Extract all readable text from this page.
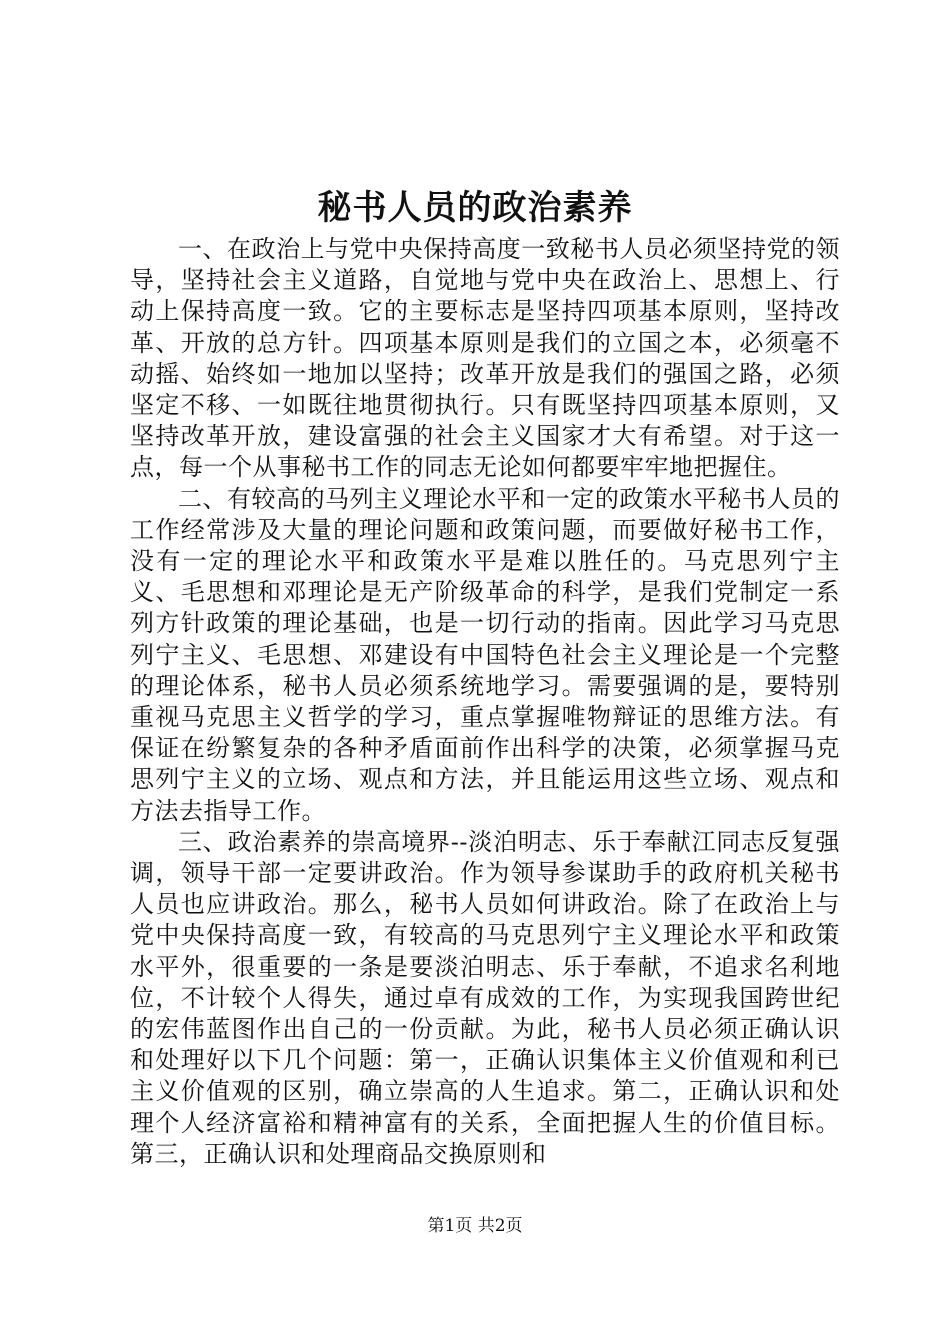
秘书人员的政治素养

一、在政治上与党中央保持高度一致秘书人员必须坚持党的领导，坚持社会主义道路，自觉地与党中央在政治上、思想上、行动上保持高度一致。它的主要标志是坚持四项基本原则，坚持改革、开放的总方针。四项基本原则是我们的立国之本，必须毫不动摇、始终如一地加以坚持；改革开放是我们的强国之路，必须坚定不移、一如既往地贯彻执行。只有既坚持四项基本原则，又坚持改革开放，建设富强的社会主义国家才大有希望。对于这一点，每一个从事秘书工作的同志无论如何都要牢牢地把握住。

二、有较高的马列主义理论水平和一定的政策水平秘书人员的工作经常涉及大量的理论问题和政策问题，而要做好秘书工作，没有一定的理论水平和政策水平是难以胜任的。马克思列宁主义、毛思想和邓理论是无产阶级革命的科学，是我们党制定一系列方针政策的理论基础，也是一切行动的指南。因此学习马克思列宁主义、毛思想、邓建设有中国特色社会主义理论是一个完整的理论体系，秘书人员必须系统地学习。需要强调的是，要特别重视马克思主义哲学的学习，重点掌握唯物辩证的思维方法。有保证在纷繁复杂的各种矛盾面前作出科学的决策，必须掌握马克思列宁主义的立场、观点和方法，并且能运用这些立场、观点和方法去指导工作。

三、政治素养的崇高境界--淡泊明志、乐于奉献江同志反复强调，领导干部一定要讲政治。作为领导参谋助手的政府机关秘书人员也应讲政治。那么，秘书人员如何讲政治。除了在政治上与党中央保持高度一致，有较高的马克思列宁主义理论水平和政策水平外，很重要的一条是要淡泊明志、乐于奉献，不追求名利地位，不计较个人得失，通过卓有成效的工作，为实现我国跨世纪的宏伟蓝图作出自己的一份贡献。为此，秘书人员必须正确认识和处理好以下几个问题：第一，正确认识集体主义价值观和利已主义价值观的区别，确立崇高的人生追求。第二，正确认识和处理个人经济富裕和精神富有的关系，全面把握人生的价值目标。第三，正确认识和处理商品交换原则和

第1页 共2页
